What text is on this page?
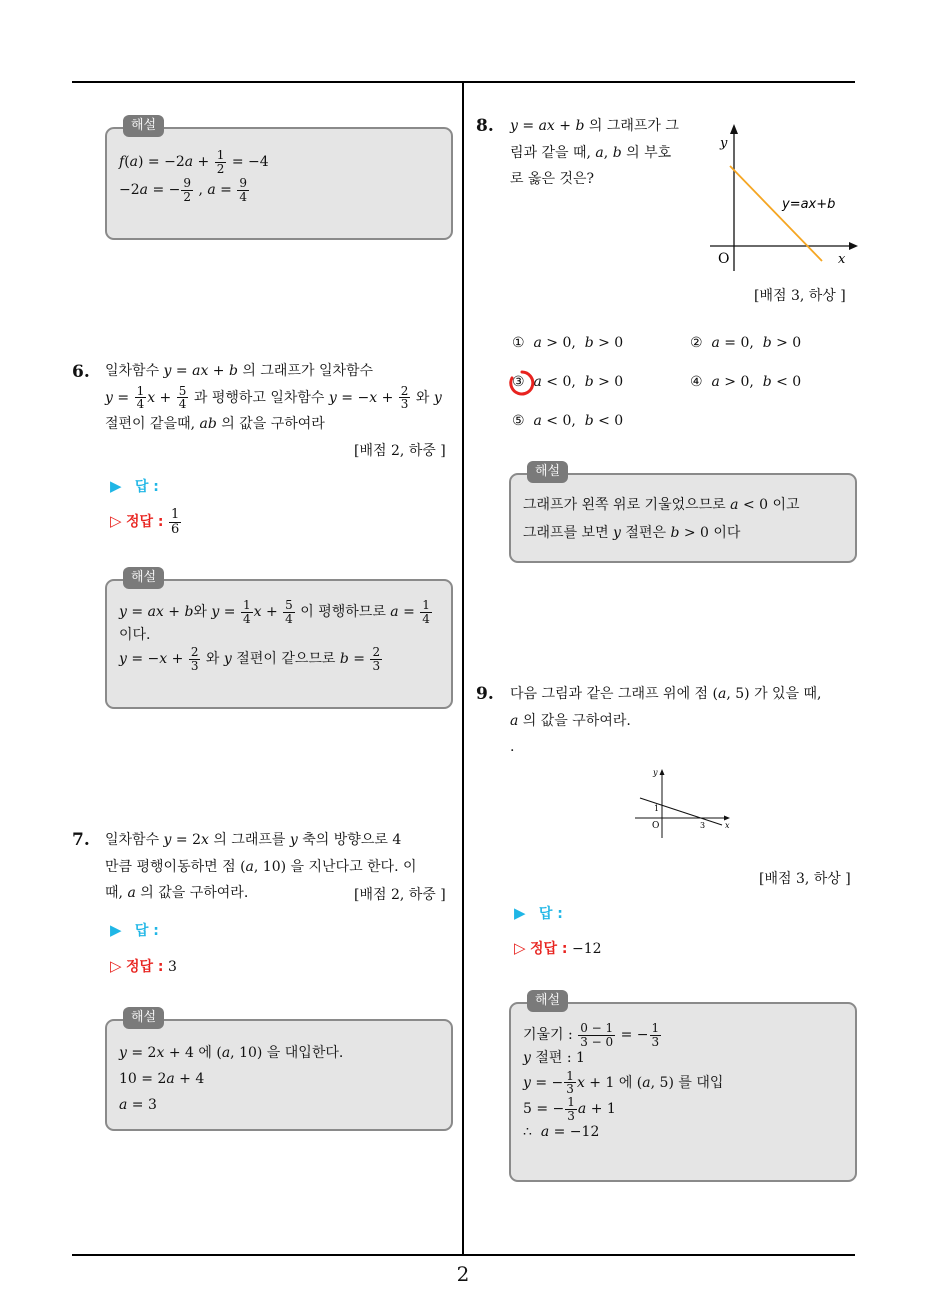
2
해설
$f(a) = -2a + \frac{1}{2} = -4$
−2a = − $\frac{9}{2}$ , $a = \frac{9}{4}$
6. 일차함수 y = ax + b 의 그래프가 일차함수
$y = \frac{1}{4}$ $x + \frac{5}{4}$ 과 평행하고 일차함수 $y = -x + \frac{2}{3}$ 와 y
절편이 같을때, ab 의 값을 구하여라
[배점 2, 하중 ]
▶ 답 :
▷ 정답 : $\frac{1}{6}$
해설
y = ax + b와 $y = \frac{1}{4}$ $x + \frac{5}{4}$ 이 평행하므로 $a = \frac{1}{4}$
이다.
$y = -x + \frac{2}{3}$ 와 y 절편이 같으므로 $b = \frac{2}{3}$
7. 일차함수 y = 2x 의 그래프를 y 축의 방향으로 4
만큼 평행이동하면 점 (a, 10) 을 지난다고 한다. 이
때, a 의 값을 구하여라.	[배점 2, 하중 ]
▶ 답 :
▷ 정답 : 3
해설
y = 2x + 4 에 (a, 10) 을 대입한다.
10 = 2a + 4
a = 3
8. y = ax + b 의 그래프가 그
림과 같을 때, a, b 의 부호
로 옳은 것은?
y
x
O
y=ax+b
[배점 3, 하상 ]
①  a > 0,  b > 0	②  a = 0,  b > 0
③  a < 0,  b > 0	④  a > 0,  b < 0
⑤  a < 0,  b < 0
해설
그래프가 왼쪽 위로 기울었으므로 a < 0 이고
그래프를 보면 y 절편은 b > 0 이다
9. 다음 그림과 같은 그래프 위에 점 (a, 5) 가 있을 때,
a 의 값을 구하여라.
.
y
x
O
1
3
[배점 3, 하상 ]
▶ 답 :
▷ 정답 : −12
해설
기울기 : $\frac{0 - 1}{3 - 0}$ = − $\frac{1}{3}$
y 절편 : 1
y = − $\frac{1}{3}$ x + 1 에 (a, 5) 를 대입
5 = − $\frac{1}{3}$ a + 1
∴  a = −12
